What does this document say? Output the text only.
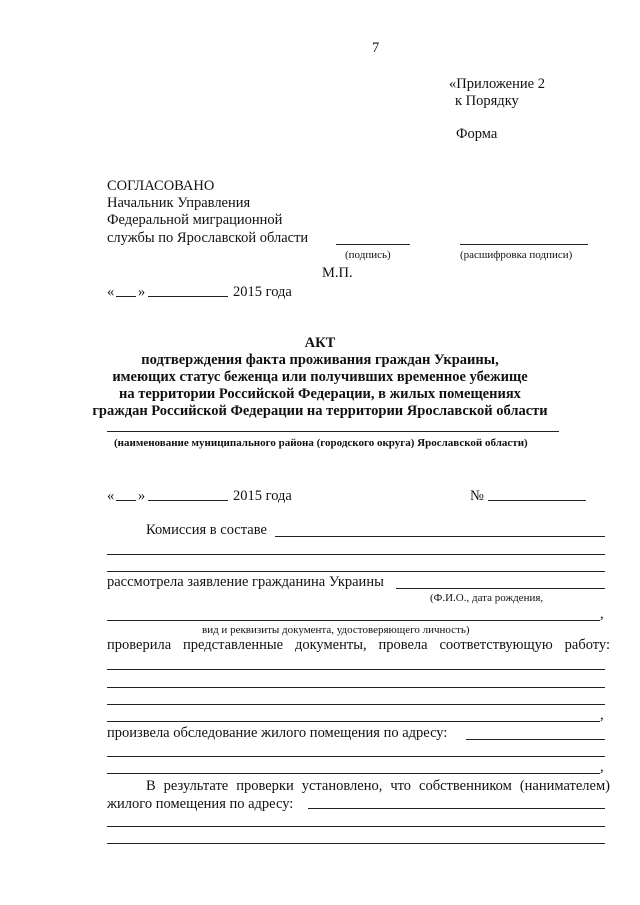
7
«Приложение 2
к Порядку
Форма
СОГЛАСОВАНО
Начальник Управления
Федеральной миграционной
службы по Ярославской области
(подпись)	(расшифровка подписи)
М.П.
« »	2015 года
АКТ
подтверждения факта проживания граждан Украины,
имеющих статус беженца или получивших временное убежище
на территории Российской Федерации, в жилых помещениях
граждан Российской Федерации на территории Ярославской области
(наименование муниципального района (городского округа) Ярославской области)
« »	2015 года	№
Комиссия в составе
рассмотрела заявление гражданина Украины
(Ф.И.О., дата рождения,
,
вид и реквизиты документа, удостоверяющего личность)
проверила представленные документы, провела соответствующую работу:
,
произвела обследование жилого помещения по адресу:
,
В результате проверки установлено, что собственником (нанимателем)
жилого помещения по адресу:
